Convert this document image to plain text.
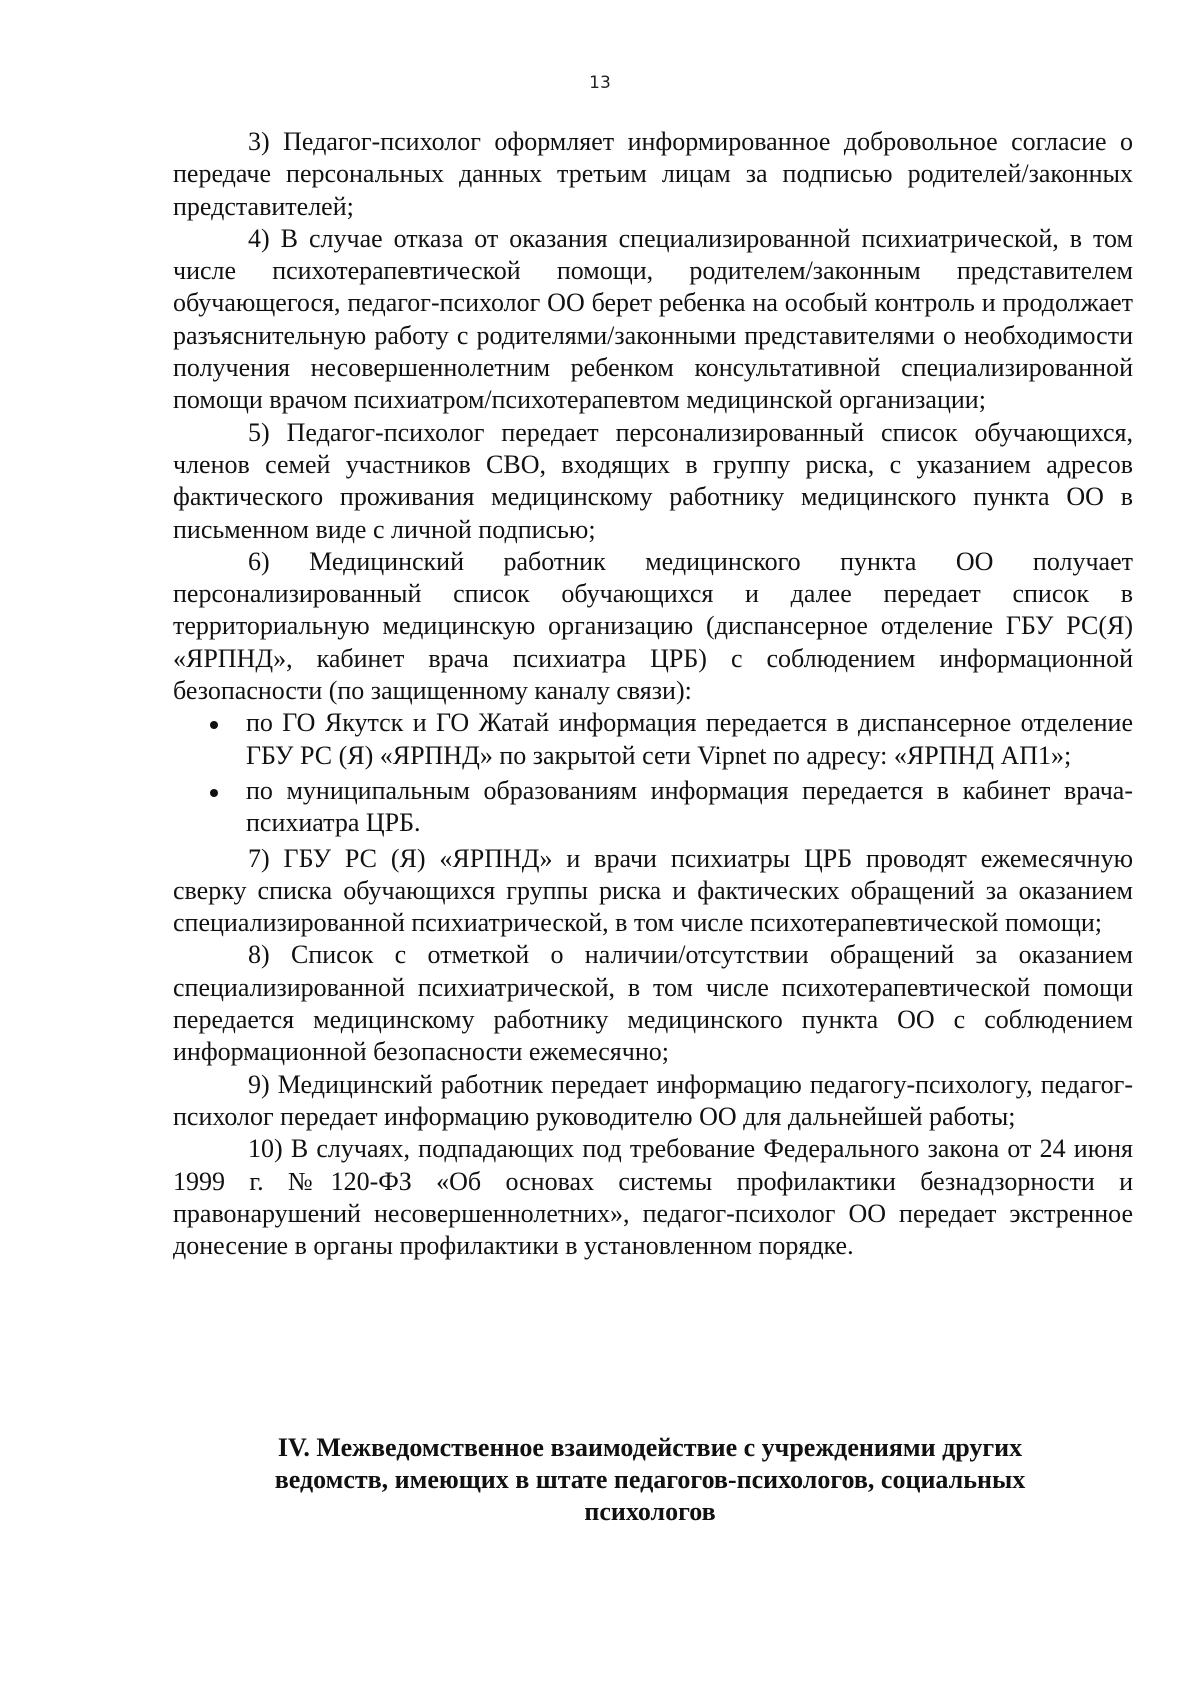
13

3) Педагог-психолог оформляет информированное добровольное согласие о передаче персональных данных третьим лицам за подписью родителей/законных представителей;

4) В случае отказа от оказания специализированной психиатрической, в том числе психотерапевтической помощи, родителем/законным представителем обучающегося, педагог-психолог ОО берет ребенка на особый контроль и продолжает разъяснительную работу с родителями/законными представителями о необходимости получения несовершеннолетним ребенком консультативной специализированной помощи врачом психиатром/психотерапевтом медицинской организации;

5) Педагог-психолог передает персонализированный список обучающихся, членов семей участников СВО, входящих в группу риска, с указанием адресов фактического проживания медицинскому работнику медицинского пункта ОО в письменном виде с личной подписью;

6) Медицинский работник медицинского пункта ОО получает персонализированный список обучающихся и далее передает список в территориальную медицинскую организацию (диспансерное отделение ГБУ РС(Я) «ЯРПНД», кабинет врача психиатра ЦРБ) с соблюдением информационной безопасности (по защищенному каналу связи):

по ГО Якутск и ГО Жатай информация передается в диспансерное отделение ГБУ РС (Я) «ЯРПНД» по закрытой сети Vipnet по адресу: «ЯРПНД АП1»;
по муниципальным образованиям информация передается в кабинет врача-психиатра ЦРБ.

7) ГБУ РС (Я) «ЯРПНД» и врачи психиатры ЦРБ проводят ежемесячную сверку списка обучающихся группы риска и фактических обращений за оказанием специализированной психиатрической, в том числе психотерапевтической помощи;

8) Список с отметкой о наличии/отсутствии обращений за оказанием специализированной психиатрической, в том числе психотерапевтической помощи передается медицинскому работнику медицинского пункта ОО с соблюдением информационной безопасности ежемесячно;

9) Медицинский работник передает информацию педагогу-психологу, педагог-психолог передает информацию руководителю ОО для дальнейшей работы;

10) В случаях, подпадающих под требование Федерального закона от 24 июня 1999 г. №120-ФЗ «Об основах системы профилактики безнадзорности и правонарушений несовершеннолетних», педагог-психолог ОО передает экстренное донесение в органы профилактики в установленном порядке.

IV. Межведомственное взаимодействие с учреждениями других
ведомств, имеющих в штате педагогов-психологов, социальных
психологов
